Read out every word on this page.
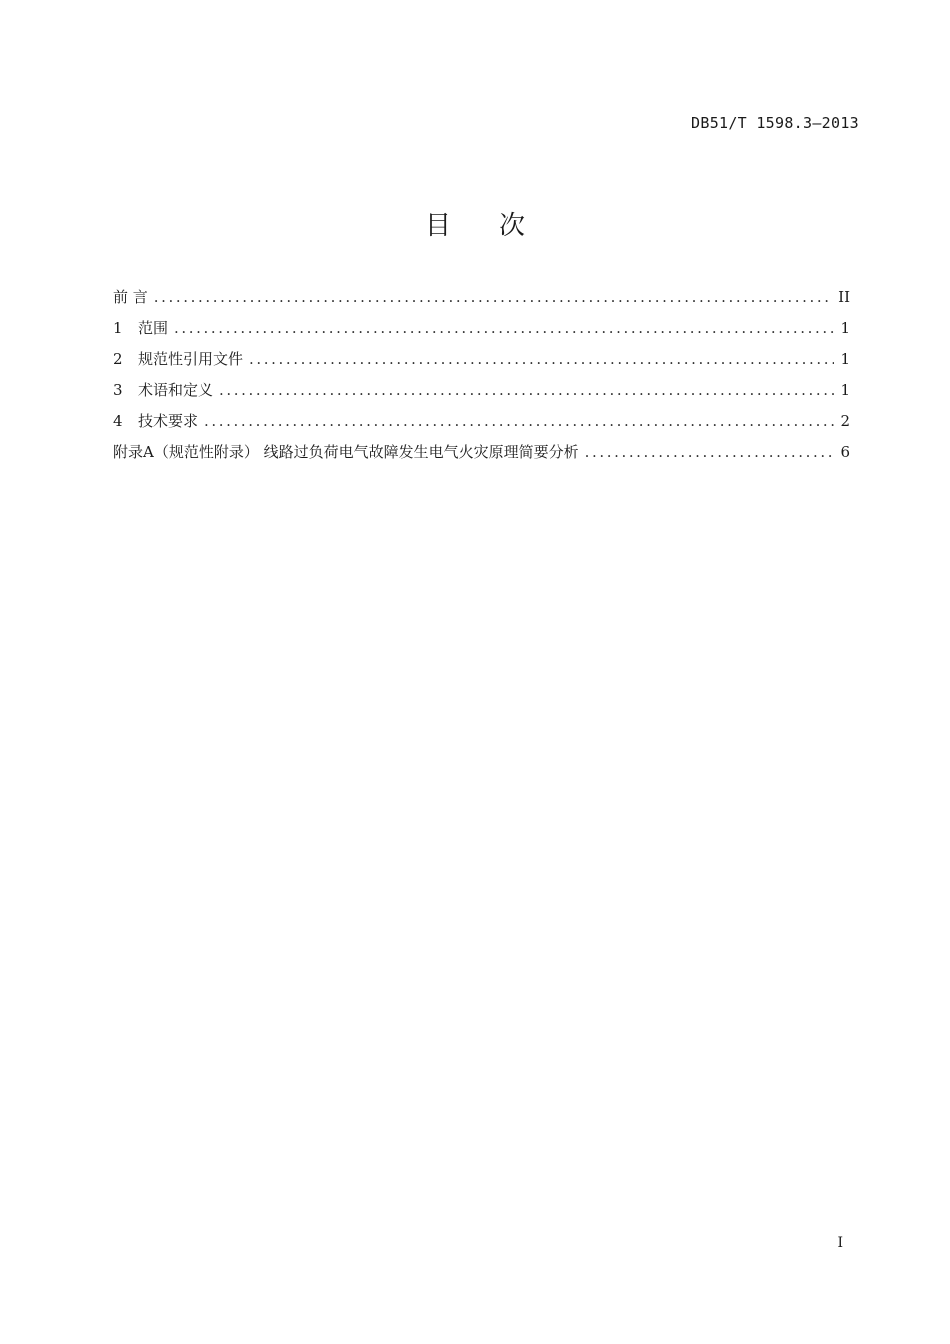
DB51/T 1598.3—2013
目 次
前 言 .....	II
1 范围 .....	1
2 规范性引用文件 .....	1
3 术语和定义 .....	1
4 技术要求 .....	2
附录A（规范性附录） 线路过负荷电气故障发生电气火灾原理简要分析 .....	6
I
